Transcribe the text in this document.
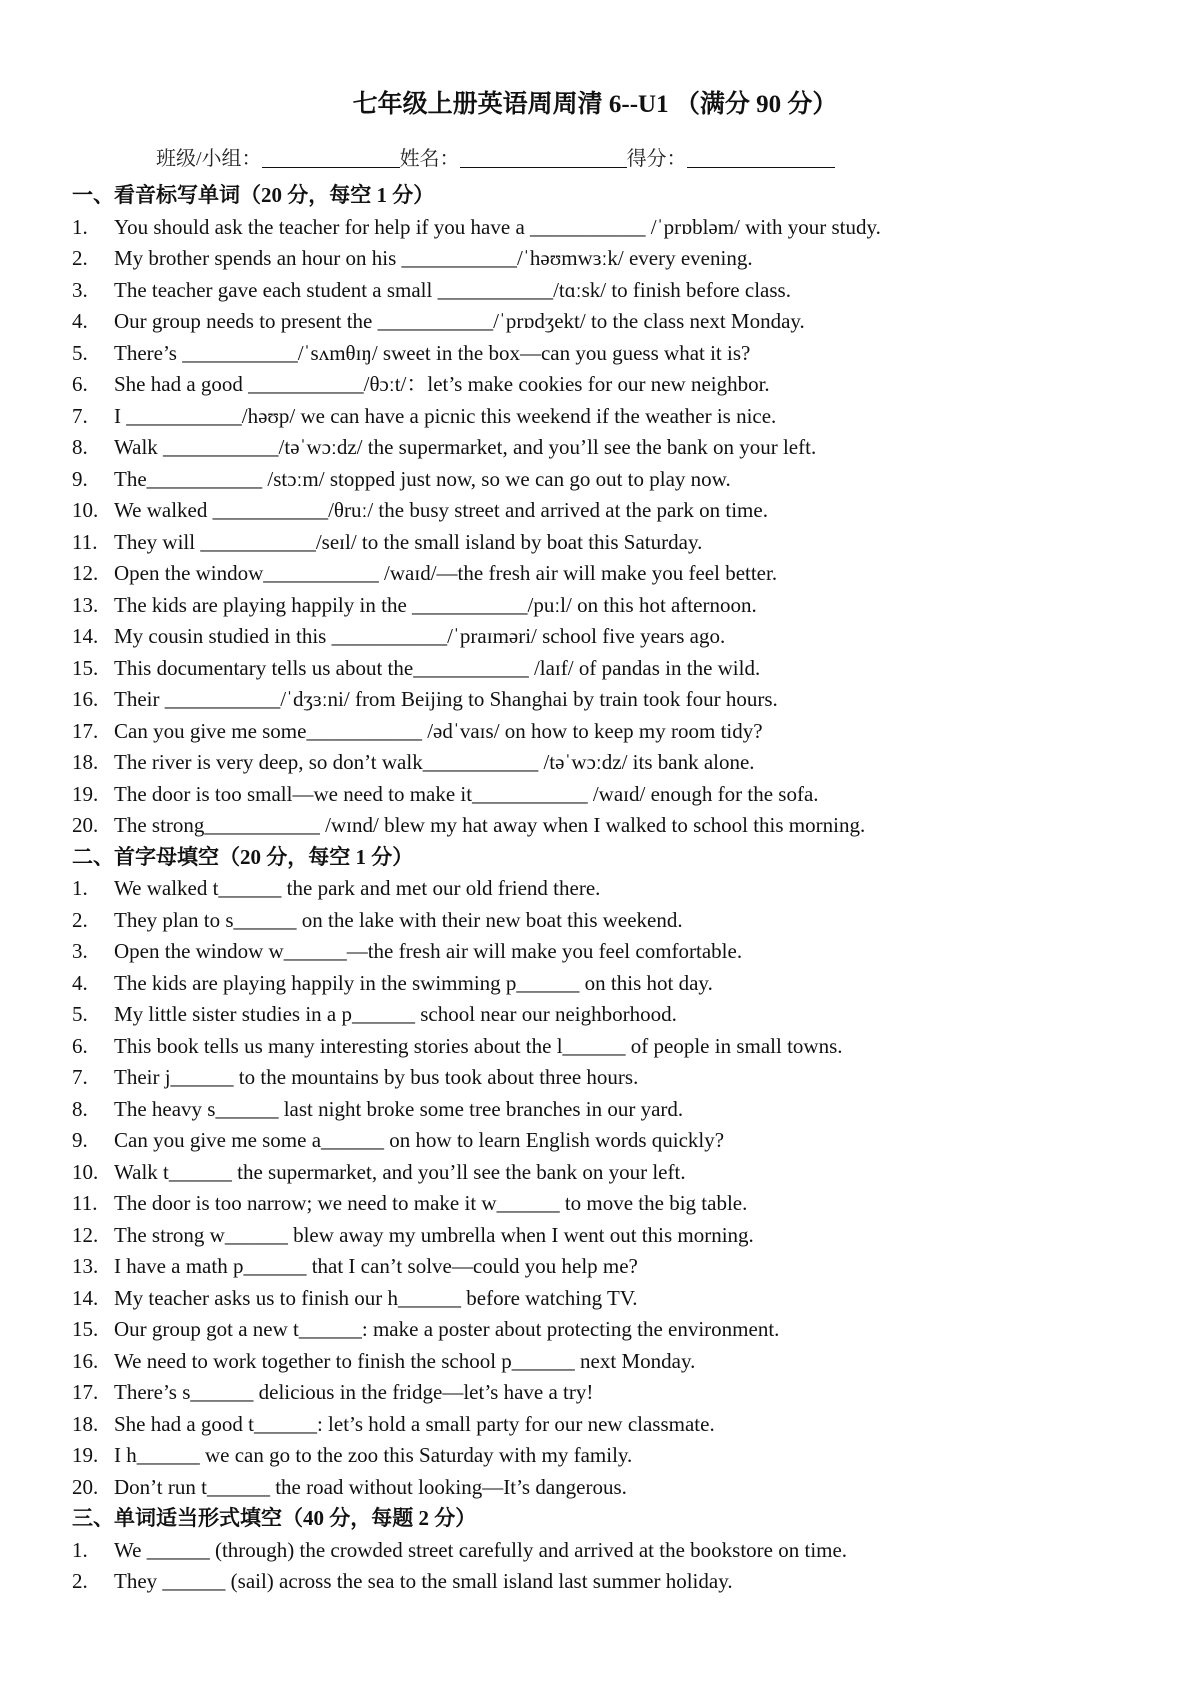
七年级上册英语周周清 6--U1 （满分 90 分）
班级/小组：	姓名：	得分：
一、看音标写单词（20 分，每空 1 分）
1.	You should ask the teacher for help if you have a ___________ /ˈprɒbləm/ with your study.
2.	My brother spends an hour on his ___________/ˈhəʊmwɜːk/ every evening.
3.	The teacher gave each student a small ___________/tɑːsk/ to finish before class.
4.	Our group needs to present the ___________/ˈprɒdʒekt/ to the class next Monday.
5.	There’s ___________/ˈsʌmθɪŋ/ sweet in the box—can you guess what it is?
6.	She had a good ___________/θɔːt/：let’s make cookies for our new neighbor.
7.	I ___________/həʊp/ we can have a picnic this weekend if the weather is nice.
8.	Walk ___________/təˈwɔːdz/ the supermarket, and you’ll see the bank on your left.
9.	The___________ /stɔːm/ stopped just now, so we can go out to play now.
10. We walked ___________/θruː/ the busy street and arrived at the park on time.
11. They will ___________/seɪl/ to the small island by boat this Saturday.
12. Open the window___________ /waɪd/—the fresh air will make you feel better.
13. The kids are playing happily in the ___________/puːl/ on this hot afternoon.
14. My cousin studied in this ___________/ˈpraɪməri/ school five years ago.
15. This documentary tells us about the___________ /laɪf/ of pandas in the wild.
16. Their ___________/ˈdʒɜːni/ from Beijing to Shanghai by train took four hours.
17. Can you give me some___________ /ədˈvaɪs/ on how to keep my room tidy?
18. The river is very deep, so don’t walk___________ /təˈwɔːdz/ its bank alone.
19. The door is too small—we need to make it___________ /waɪd/ enough for the sofa.
20. The strong___________ /wɪnd/ blew my hat away when I walked to school this morning.
二、首字母填空（20 分，每空 1 分）
1.	We walked t______ the park and met our old friend there.
2.	They plan to s______ on the lake with their new boat this weekend.
3.	Open the window w______—the fresh air will make you feel comfortable.
4.	The kids are playing happily in the swimming p______ on this hot day.
5.	My little sister studies in a p______ school near our neighborhood.
6.	This book tells us many interesting stories about the l______ of people in small towns.
7.	Their j______ to the mountains by bus took about three hours.
8.	The heavy s______ last night broke some tree branches in our yard.
9.	Can you give me some a______ on how to learn English words quickly?
10. Walk t______ the supermarket, and you’ll see the bank on your left.
11. The door is too narrow; we need to make it w______ to move the big table.
12. The strong w______ blew away my umbrella when I went out this morning.
13. I have a math p______ that I can’t solve—could you help me?
14. My teacher asks us to finish our h______ before watching TV.
15. Our group got a new t______: make a poster about protecting the environment.
16. We need to work together to finish the school p______ next Monday.
17. There’s s______ delicious in the fridge—let’s have a try!
18. She had a good t______: let’s hold a small party for our new classmate.
19. I h______ we can go to the zoo this Saturday with my family.
20. Don’t run t______ the road without looking—It’s dangerous.
三、单词适当形式填空（40 分，每题 2 分）
1.	We ______ (through) the crowded street carefully and arrived at the bookstore on time.
2.	They ______ (sail) across the sea to the small island last summer holiday.
